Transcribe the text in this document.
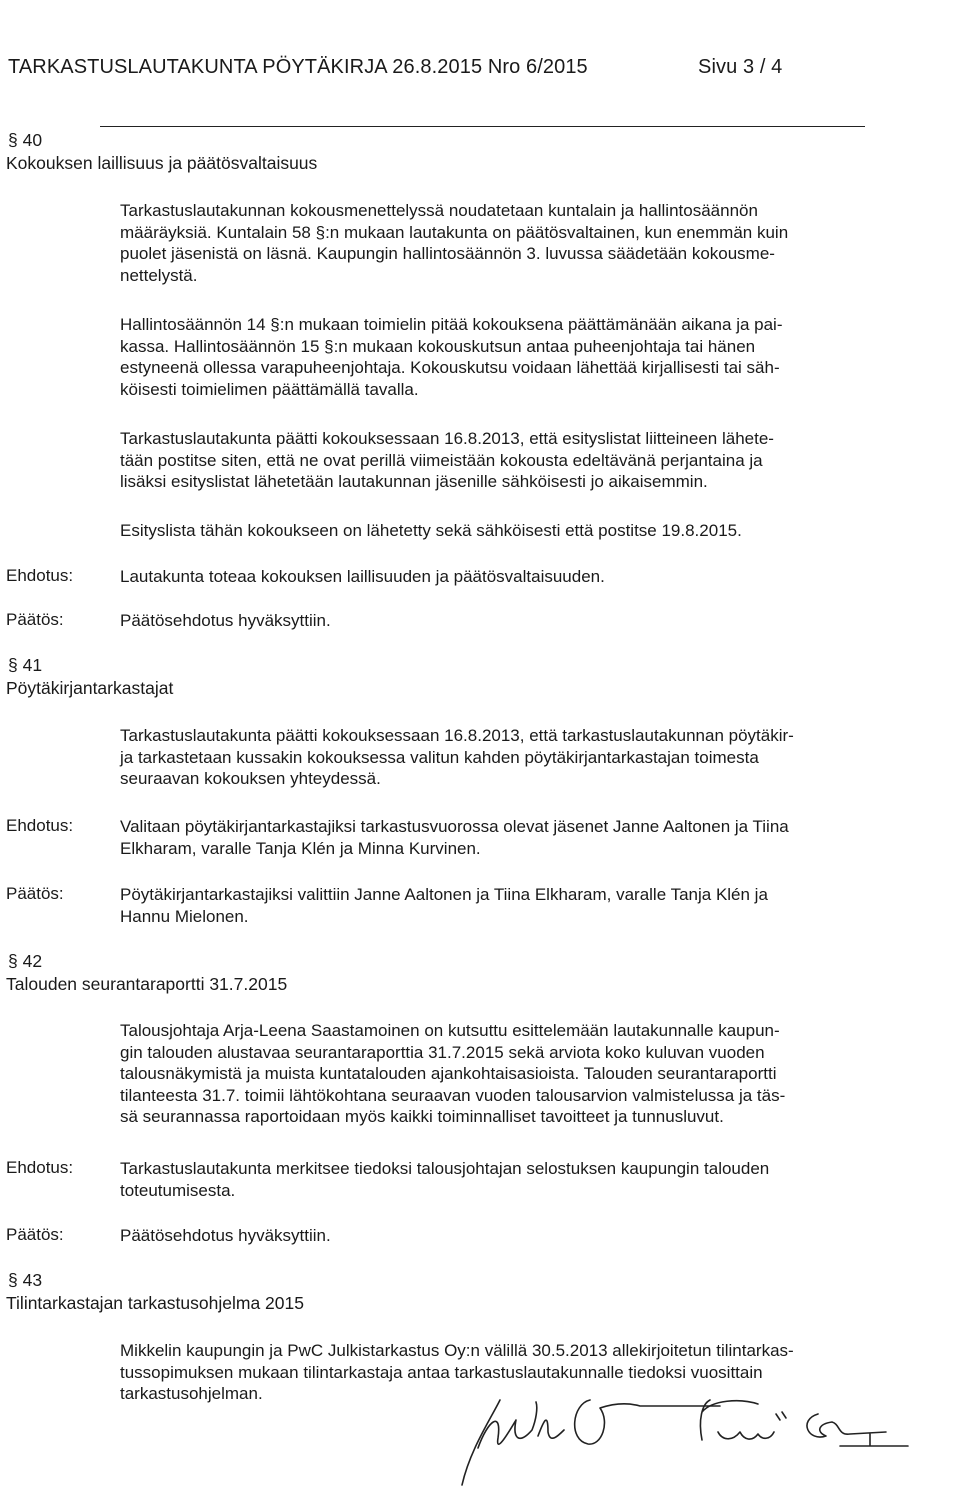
TARKASTUSLAUTAKUNTA PÖYTÄKIRJA 26.8.2015 Nro 6/2015	Sivu 3 / 4
§ 40
Kokouksen laillisuus ja päätösvaltaisuus
Tarkastuslautakunnan kokousmenettelyssä noudatetaan kuntalain ja hallintosäännön
määräyksiä. Kuntalain 58 §:n mukaan lautakunta on päätösvaltainen, kun enemmän kuin
puolet jäsenistä on läsnä. Kaupungin hallintosäännön 3. luvussa säädetään kokousme-
nettelystä.
Hallintosäännön 14 §:n mukaan toimielin pitää kokouksena päättämänään aikana ja pai-
kassa. Hallintosäännön 15 §:n mukaan kokouskutsun antaa puheenjohtaja tai hänen
estyneenä ollessa varapuheenjohtaja. Kokouskutsu voidaan lähettää kirjallisesti tai säh-
köisesti toimielimen päättämällä tavalla.
Tarkastuslautakunta päätti kokouksessaan 16.8.2013, että esityslistat liitteineen lähete-
tään postitse siten, että ne ovat perillä viimeistään kokousta edeltävänä perjantaina ja
lisäksi esityslistat lähetetään lautakunnan jäsenille sähköisesti jo aikaisemmin.
Esityslista tähän kokoukseen on lähetetty sekä sähköisesti että postitse 19.8.2015.
Ehdotus:	Lautakunta toteaa kokouksen laillisuuden ja päätösvaltaisuuden.
Päätös:	Päätösehdotus hyväksyttiin.
§ 41
Pöytäkirjantarkastajat
Tarkastuslautakunta päätti kokouksessaan 16.8.2013, että tarkastuslautakunnan pöytäkir-
ja tarkastetaan kussakin kokouksessa valitun kahden pöytäkirjantarkastajan toimesta
seuraavan kokouksen yhteydessä.
Ehdotus:	Valitaan pöytäkirjantarkastajiksi tarkastusvuorossa olevat jäsenet Janne Aaltonen ja Tiina
Elkharam, varalle Tanja Klén ja Minna Kurvinen.
Päätös:	Pöytäkirjantarkastajiksi valittiin Janne Aaltonen ja Tiina Elkharam, varalle Tanja Klén ja
Hannu Mielonen.
§ 42
Talouden seurantaraportti 31.7.2015
Talousjohtaja Arja-Leena Saastamoinen on kutsuttu esittelemään lautakunnalle kaupun-
gin talouden alustavaa seurantaraporttia 31.7.2015 sekä arviota koko kuluvan vuoden
talousnäkymistä ja muista kuntatalouden ajankohtaisasioista. Talouden seurantaraportti
tilanteesta 31.7. toimii lähtökohtana seuraavan vuoden talousarvion valmistelussa ja täs-
sä seurannassa raportoidaan myös kaikki toiminnalliset tavoitteet ja tunnusluvut.
Ehdotus:	Tarkastuslautakunta merkitsee tiedoksi talousjohtajan selostuksen kaupungin talouden
toteutumisesta.
Päätös:	Päätösehdotus hyväksyttiin.
§ 43
Tilintarkastajan tarkastusohjelma 2015
Mikkelin kaupungin ja PwC Julkistarkastus Oy:n välillä 30.5.2013 allekirjoitetun tilintarkas-
tussopimuksen mukaan tilintarkastaja antaa tarkastuslautakunnalle tiedoksi vuosittain
tarkastusohjelman.
